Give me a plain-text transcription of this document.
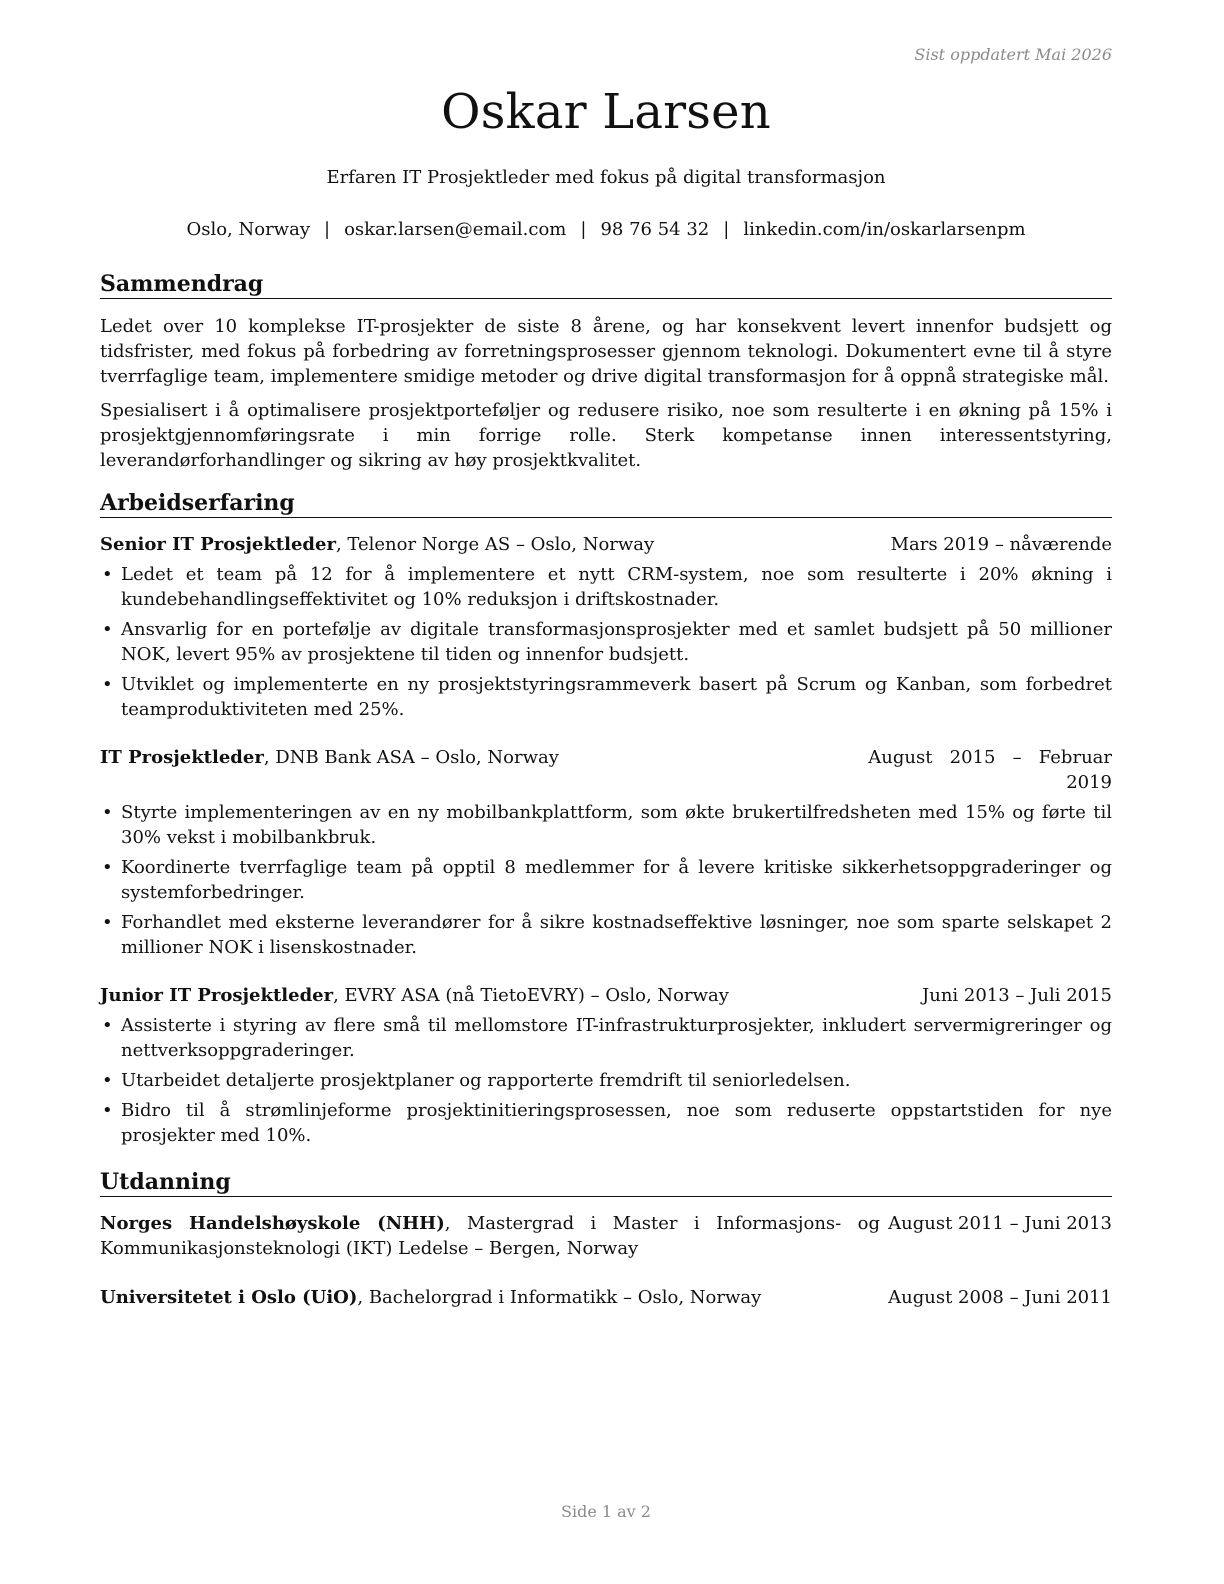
Sist oppdatert Mai 2026
Oskar Larsen
Erfaren IT Prosjektleder med fokus på digital transformasjon
Oslo, Norway | oskar.larsen@email.com | 98 76 54 32 | linkedin.com/in/oskarlarsenpm
Sammendrag
Ledet over 10 komplekse IT-prosjekter de siste 8 årene, og har konsekvent levert innenfor budsjett og tidsfrister, med fokus på forbedring av forretningsprosesser gjennom teknologi. Dokumentert evne til å styre tverrfaglige team, implementere smidige metoder og drive digital transformasjon for å oppnå strategiske mål.
Spesialisert i å optimalisere prosjektporteføljer og redusere risiko, noe som resulterte i en økning på 15% i prosjektgjennomføringsrate i min forrige rolle. Sterk kompetanse innen interessentstyring, leverandørforhandlinger og sikring av høy prosjektkvalitet.
Arbeidserfaring
Senior IT Prosjektleder, Telenor Norge AS – Oslo, Norway	Mars 2019 – nåværende
• Ledet et team på 12 for å implementere et nytt CRM-system, noe som resulterte i 20% økning i kundebehandlingseffektivitet og 10% reduksjon i driftskostnader.
• Ansvarlig for en portefølje av digitale transformasjonsprosjekter med et samlet budsjett på 50 millioner NOK, levert 95% av prosjektene til tiden og innenfor budsjett.
• Utviklet og implementerte en ny prosjektstyringsrammeverk basert på Scrum og Kanban, som forbedret teamproduktiviteten med 25%.
IT Prosjektleder, DNB Bank ASA – Oslo, Norway	August   2015   –   Februar
2019
• Styrte implementeringen av en ny mobilbankplattform, som økte brukertilfredsheten med 15% og førte til 30% vekst i mobilbankbruk.
• Koordinerte tverrfaglige team på opptil 8 medlemmer for å levere kritiske sikkerhetsoppgraderinger og systemforbedringer.
• Forhandlet med eksterne leverandører for å sikre kostnadseffektive løsninger, noe som sparte selskapet 2 millioner NOK i lisenskostnader.
Junior IT Prosjektleder, EVRY ASA (nå TietoEVRY) – Oslo, Norway	Juni 2013 – Juli 2015
• Assisterte i styring av flere små til mellomstore IT-infrastrukturprosjekter, inkludert servermigreringer og nettverksoppgraderinger.
• Utarbeidet detaljerte prosjektplaner og rapporterte fremdrift til seniorledelsen.
• Bidro til å strømlinjeforme prosjektinitieringsprosessen, noe som reduserte oppstartstiden for nye prosjekter med 10%.
Utdanning
Norges Handelshøyskole (NHH), Mastergrad i Master i Informasjons- og Kommunikasjonsteknologi (IKT) Ledelse – Bergen, Norway
August 2011 – Juni 2013
Universitetet i Oslo (UiO), Bachelorgrad i Informatikk – Oslo, Norway	August 2008 – Juni 2011
Side 1 av 2
